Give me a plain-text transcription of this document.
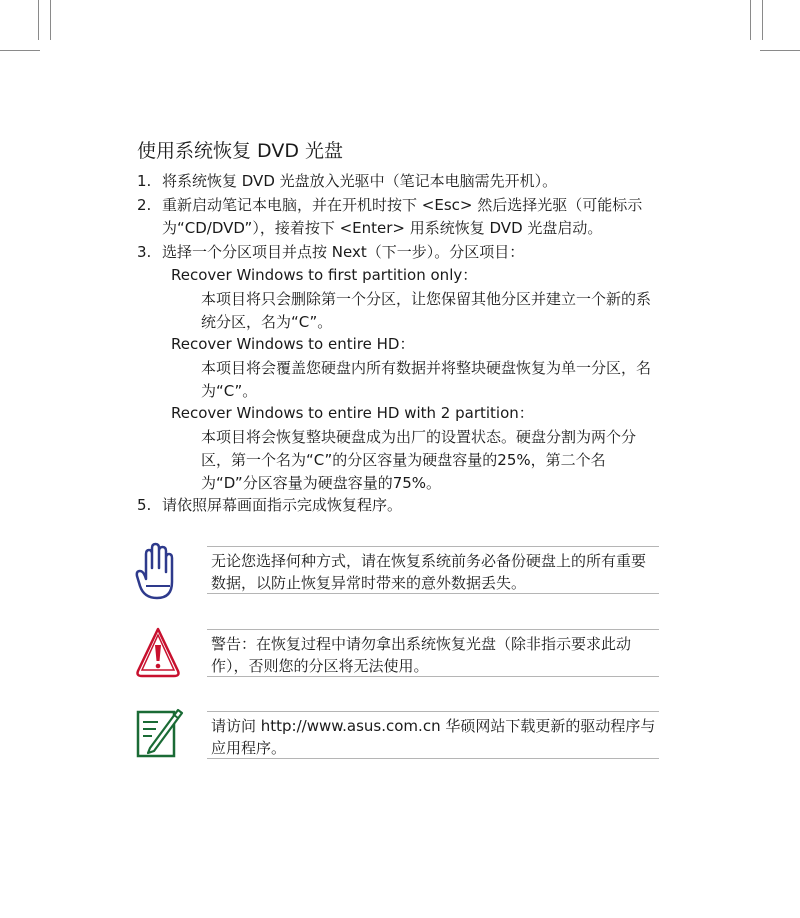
使用系统恢复 DVD 光盘
1. 将系统恢复 DVD 光盘放入光驱中（笔记本电脑需先开机）。
2. 重新启动笔记本电脑，并在开机时按下 <Esc> 然后选择光驱（可能标示为“CD/DVD”），接着按下 <Enter> 用系统恢复 DVD 光盘启动。
3. 选择一个分区项目并点按 Next（下一步）。分区项目：
Recover Windows to first partition only：
本项目将只会删除第一个分区，让您保留其他分区并建立一个新的系统分区，名为“C”。
Recover Windows to entire HD：
本项目将会覆盖您硬盘内所有数据并将整块硬盘恢复为单一分区，名为“C”。
Recover Windows to entire HD with 2 partition：
本项目将会恢复整块硬盘成为出厂的设置状态。硬盘分割为两个分区，第一个名为“C”的分区容量为硬盘容量的25%，第二个名为“D”分区容量为硬盘容量的75%。
5. 请依照屏幕画面指示完成恢复程序。
无论您选择何种方式，请在恢复系统前务必备份硬盘上的所有重要数据，以防止恢复异常时带来的意外数据丢失。
警告：在恢复过程中请勿拿出系统恢复光盘（除非指示要求此动作），否则您的分区将无法使用。
请访问 http://www.asus.com.cn 华硕网站下载更新的驱动程序与应用程序。
